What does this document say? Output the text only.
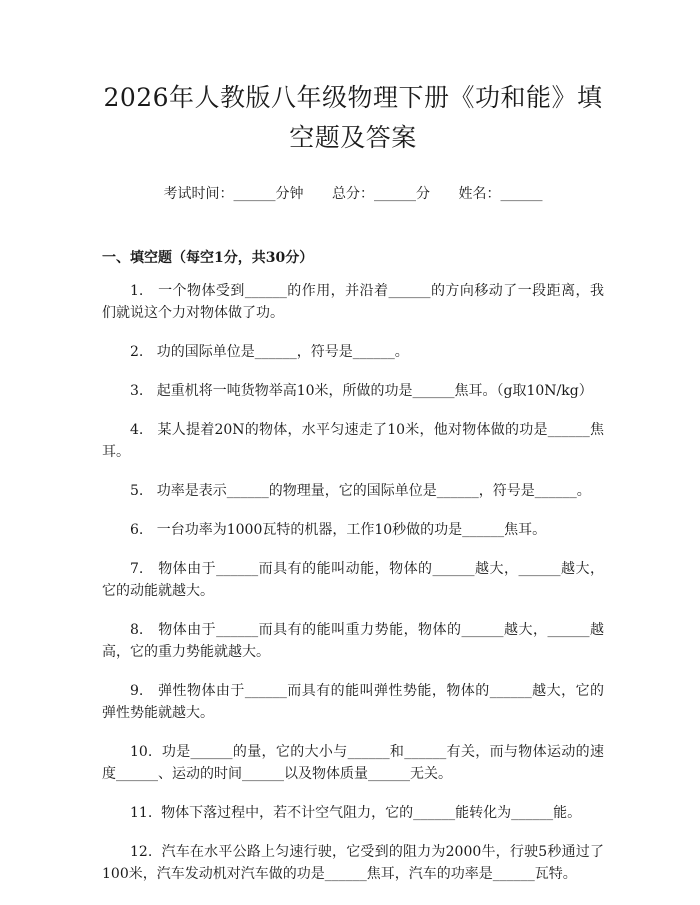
2026年人教版八年级物理下册《功和能》填
空题及答案
考试时间：______分钟 总分：______分 姓名：______
一、填空题（每空1分，共30分）

1. 一个物体受到______的作用，并沿着______的方向移动了一段距离，我们就说这个力对物体做了功。

2. 功的国际单位是______，符号是______。

3. 起重机将一吨货物举高10米，所做的功是______焦耳。（g取10N/kg）

4. 某人提着20N的物体，水平匀速走了10米，他对物体做的功是______焦耳。

5. 功率是表示______的物理量，它的国际单位是______，符号是______。

6. 一台功率为1000瓦特的机器，工作10秒做的功是______焦耳。

7. 物体由于______而具有的能叫动能，物体的______越大，______越大，它的动能就越大。

8. 物体由于______而具有的能叫重力势能，物体的______越大，______越高，它的重力势能就越大。

9. 弹性物体由于______而具有的能叫弹性势能，物体的______越大，它的弹性势能就越大。

10. 功是______的量，它的大小与______和______有关，而与物体运动的速度______、运动的时间______以及物体质量______无关。

11. 物体下落过程中，若不计空气阻力，它的______能转化为______能。

12. 汽车在水平公路上匀速行驶，它受到的阻力为2000牛，行驶5秒通过了100米，汽车发动机对汽车做的功是______焦耳，汽车的功率是______瓦特。
